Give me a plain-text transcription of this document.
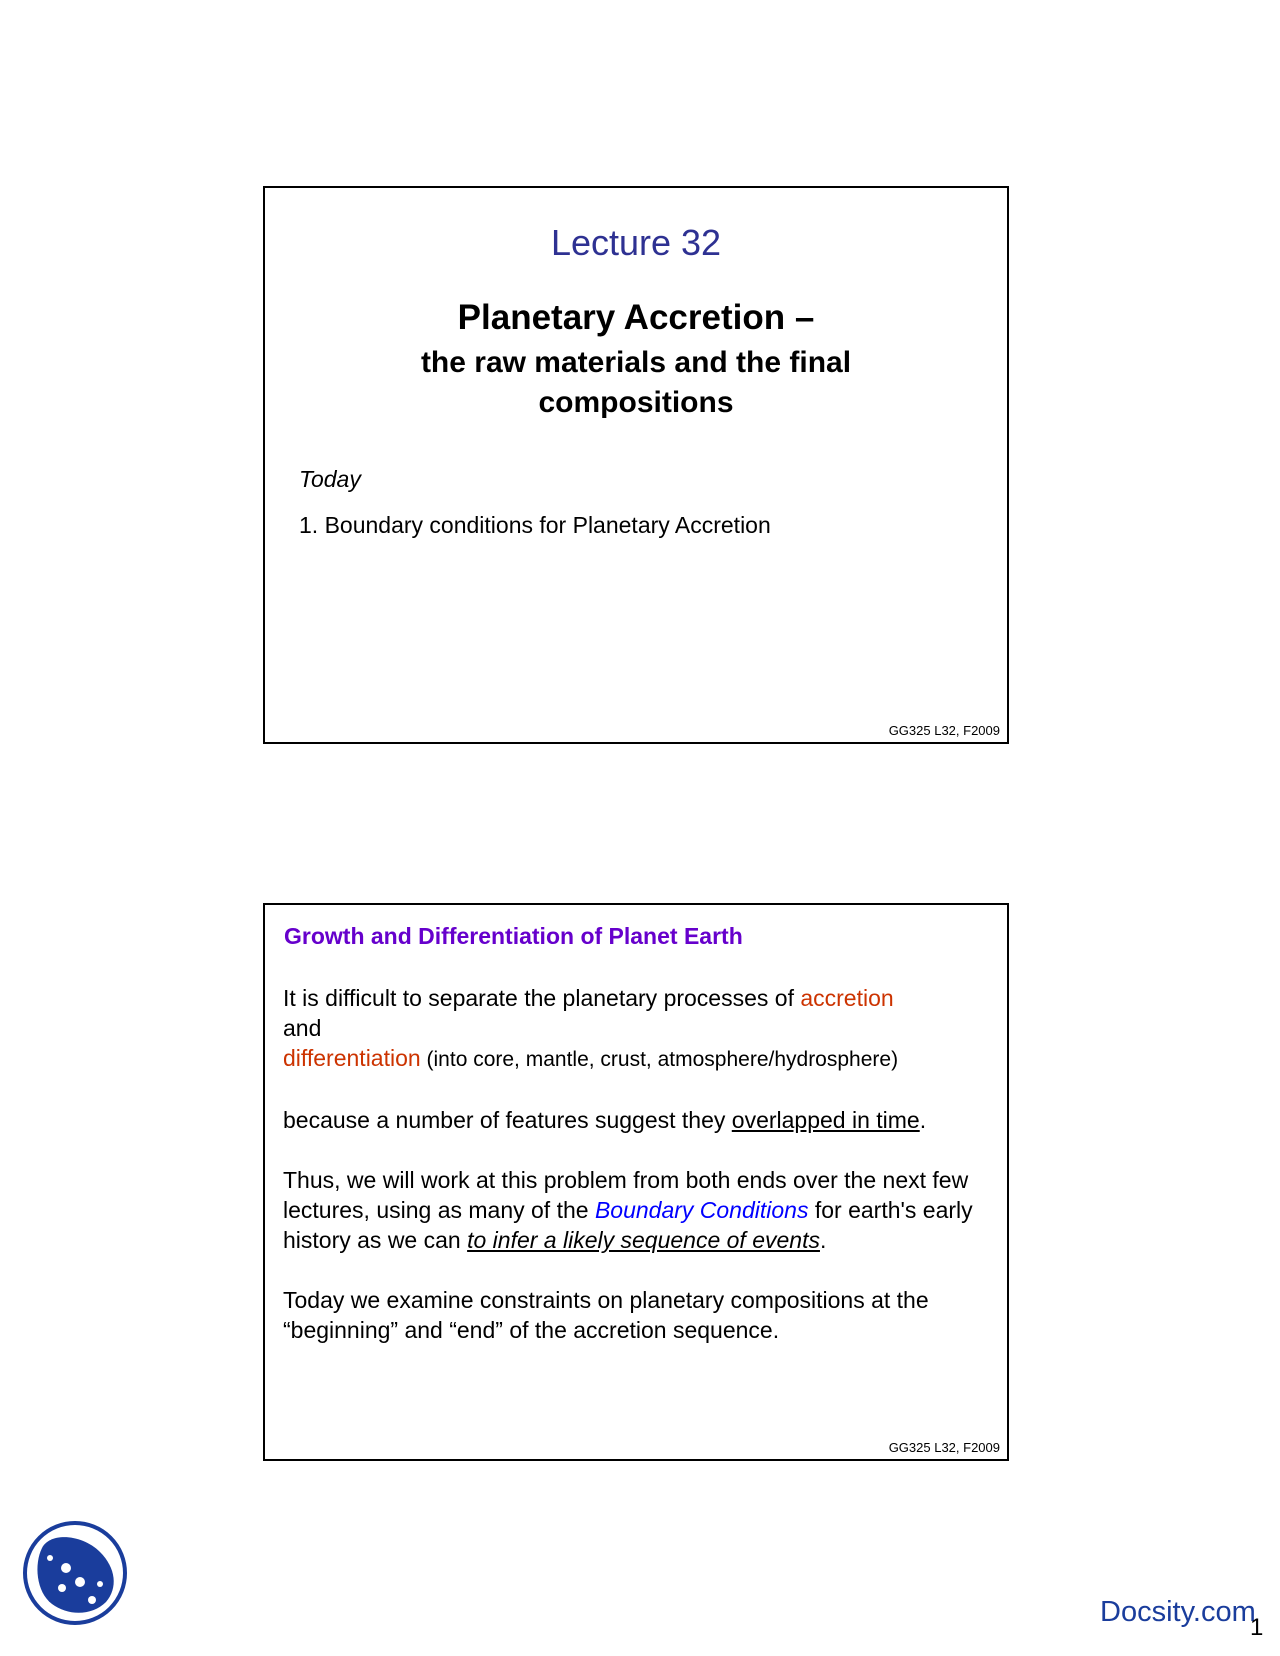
Lecture 32
Planetary Accretion –
the raw materials and the final
compositions
Today
1. Boundary conditions for Planetary Accretion
GG325 L32, F2009
Growth and Differentiation of Planet Earth

It is difficult to separate the planetary processes of accretion
and
differentiation (into core, mantle, crust, atmosphere/hydrosphere)

because a number of features suggest they overlapped in time.

Thus, we will work at this problem from both ends over the next few lectures, using as many of the Boundary Conditions for earth's early history as we can to infer a likely sequence of events.

Today we examine constraints on planetary compositions at the “beginning” and “end” of the accretion sequence.

GG325 L32, F2009
Docsity.com
1
